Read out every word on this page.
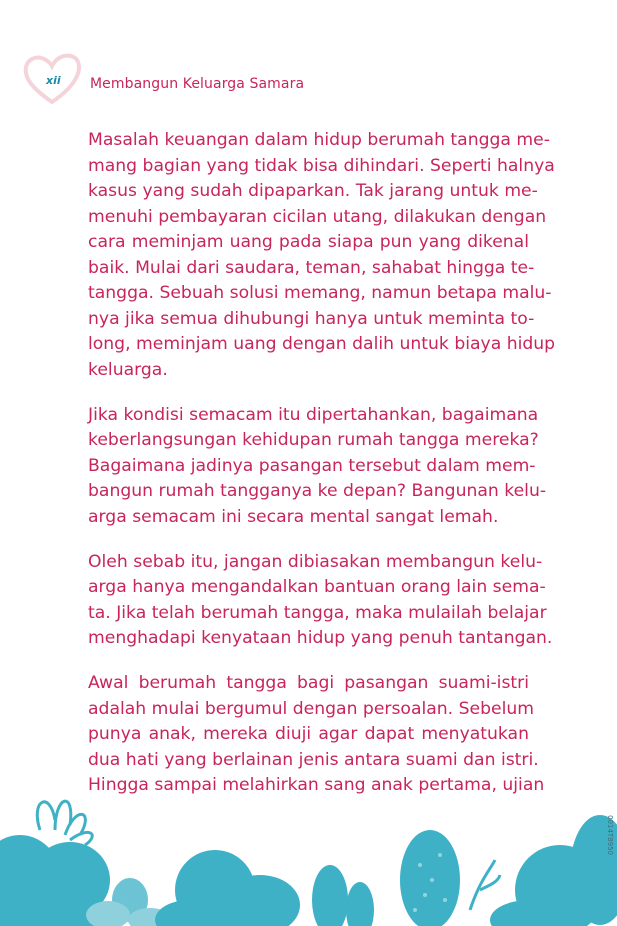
xii Membangun Keluarga Samara

Masalah keuangan dalam hidup berumah tangga me-
mang bagian yang tidak bisa dihindari. Seperti halnya
kasus yang sudah dipaparkan. Tak jarang untuk me-
menuhi pembayaran cicilan utang, dilakukan dengan
cara meminjam uang pada siapa pun yang dikenal
baik. Mulai dari saudara, teman, sahabat hingga te-
tangga. Sebuah solusi memang, namun betapa malu-
nya jika semua dihubungi hanya untuk meminta to-
long, meminjam uang dengan dalih untuk biaya hidup
keluarga.

Jika kondisi semacam itu dipertahankan, bagaimana
keberlangsungan kehidupan rumah tangga mereka?
Bagaimana jadinya pasangan tersebut dalam mem-
bangun rumah tangganya ke depan? Bangunan kelu-
arga semacam ini secara mental sangat lemah.

Oleh sebab itu, jangan dibiasakan membangun kelu-
arga hanya mengandalkan bantuan orang lain sema-
ta. Jika telah berumah tangga, maka mulailah belajar
menghadapi kenyataan hidup yang penuh tantangan.

Awal berumah tangga bagi pasangan suami-istri
adalah mulai bergumul dengan persoalan. Sebelum
punya anak, mereka diuji agar dapat menyatukan
dua hati yang berlainan jenis antara suami dan istri.
Hingga sampai melahirkan sang anak pertama, ujian

0014T8950
